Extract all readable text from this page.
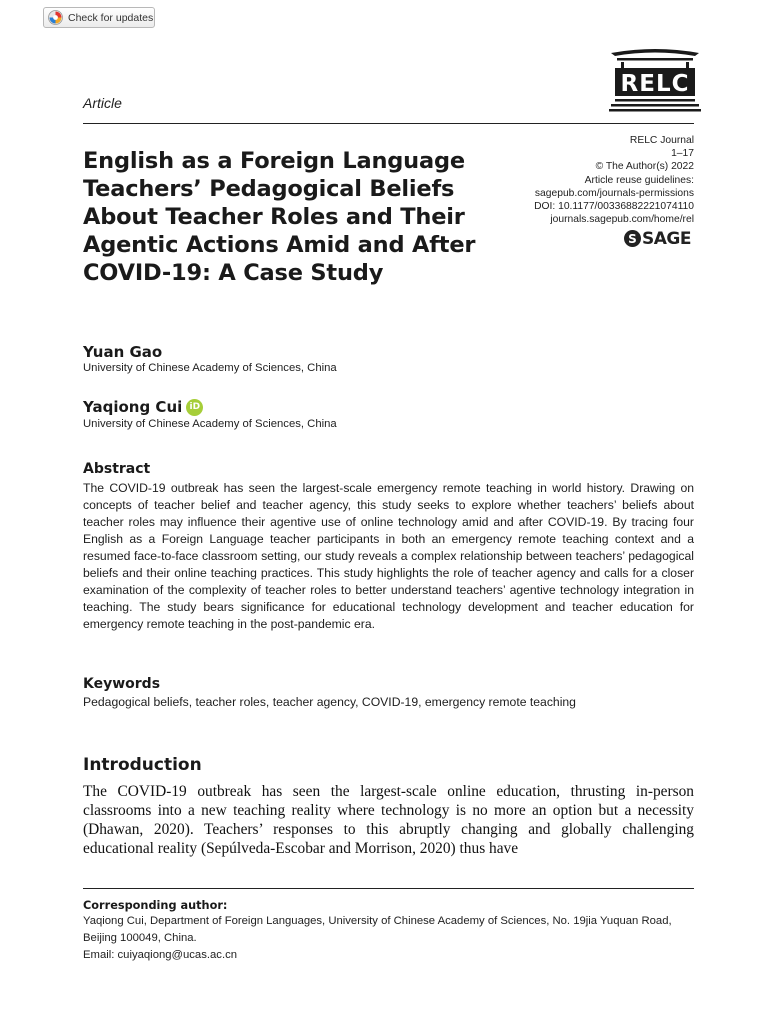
Check for updates
RELC
Article
English as a Foreign Language Teachers’ Pedagogical Beliefs About Teacher Roles and Their Agentic Actions Amid and After COVID-19: A Case Study
RELC Journal
1–17
© The Author(s) 2022
Article reuse guidelines:
sagepub.com/journals-permissions
DOI: 10.1177/00336882221074110
journals.sagepub.com/home/rel
S SAGE
Yuan Gao
University of Chinese Academy of Sciences, China
Yaqiong Cui iD
University of Chinese Academy of Sciences, China
Abstract

The COVID-19 outbreak has seen the largest-scale emergency remote teaching in world history. Drawing on concepts of teacher belief and teacher agency, this study seeks to explore whether teachers’ beliefs about teacher roles may influence their agentive use of online technology amid and after COVID-19. By tracing four English as a Foreign Language teacher participants in both an emergency remote teaching context and a resumed face-to-face classroom setting, our study reveals a complex relationship between teachers’ pedagogical beliefs and their online teaching practices. This study highlights the role of teacher agency and calls for a closer examination of the complexity of teacher roles to better understand teachers’ agentive technology integration in teaching. The study bears significance for educational technology development and teacher education for emergency remote teaching in the post-pandemic era.

Keywords
Pedagogical beliefs, teacher roles, teacher agency, COVID-19, emergency remote teaching
Introduction

The COVID-19 outbreak has seen the largest-scale online education, thrusting in-person classrooms into a new teaching reality where technology is no more an option but a necessity (Dhawan, 2020). Teachers’ responses to this abruptly changing and globally challenging educational reality (Sepúlveda-Escobar and Morrison, 2020) thus have

Corresponding author:
Yaqiong Cui, Department of Foreign Languages, University of Chinese Academy of Sciences, No. 19jia Yuquan Road, Beijing 100049, China.
Email: cuiyaqiong@ucas.ac.cn
